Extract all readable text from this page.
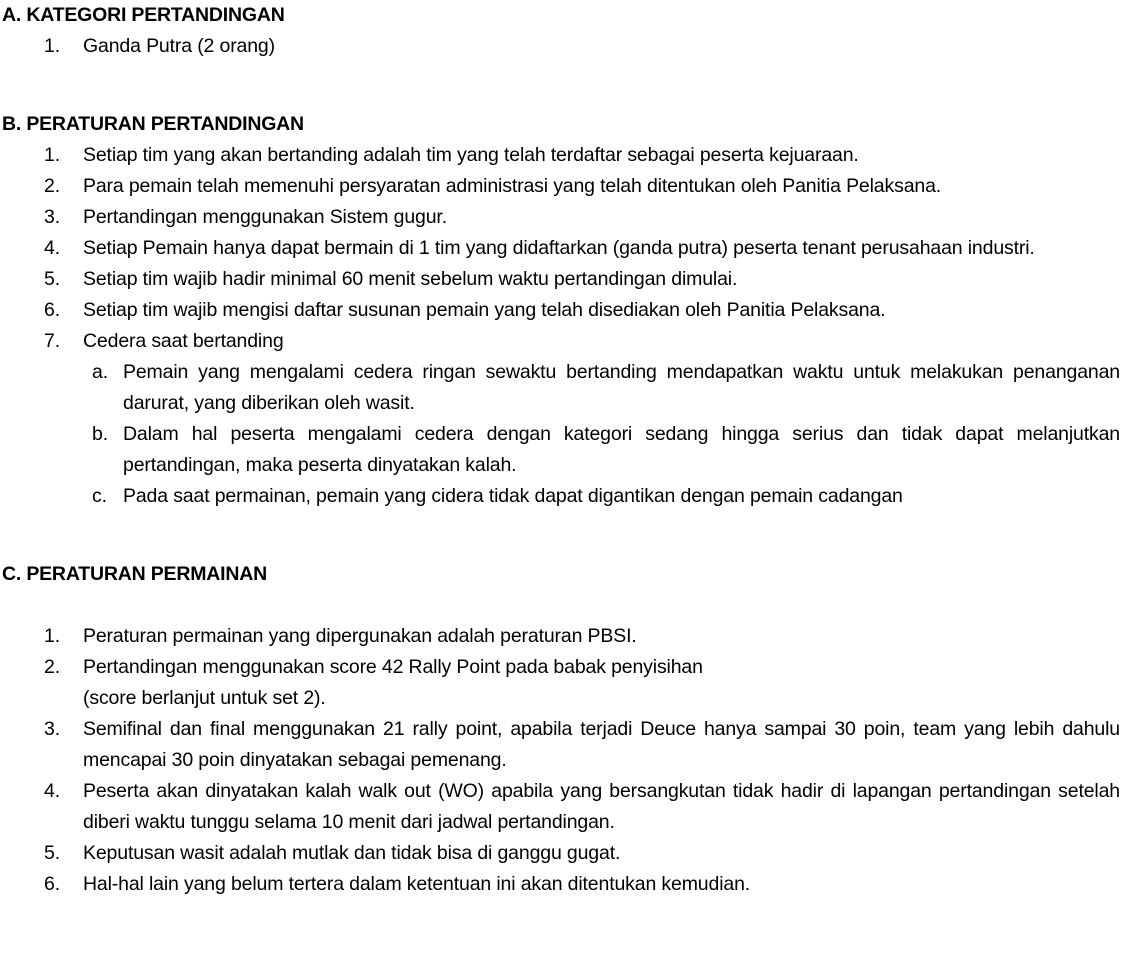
A. KATEGORI PERTANDINGAN
1.	Ganda Putra (2 orang)
B. PERATURAN PERTANDINGAN
1.	Setiap tim yang akan bertanding adalah tim yang telah terdaftar sebagai peserta kejuaraan.
2.	Para pemain telah memenuhi persyaratan administrasi yang telah ditentukan oleh Panitia Pelaksana.
3.	Pertandingan menggunakan Sistem gugur.
4.	Setiap Pemain hanya dapat bermain di 1 tim yang didaftarkan (ganda putra) peserta tenant perusahaan industri.
5.	Setiap tim wajib hadir minimal 60 menit sebelum waktu pertandingan dimulai.
6.	Setiap tim wajib mengisi daftar susunan pemain yang telah disediakan oleh Panitia Pelaksana.
7.	Cedera saat bertanding
a. Pemain yang mengalami cedera ringan sewaktu bertanding mendapatkan waktu untuk melakukan penanganan darurat, yang diberikan oleh wasit.
b. Dalam hal peserta mengalami cedera dengan kategori sedang hingga serius dan tidak dapat melanjutkan pertandingan, maka peserta dinyatakan kalah.
c. Pada saat permainan, pemain yang cidera tidak dapat digantikan dengan pemain cadangan
C. PERATURAN PERMAINAN
1.	Peraturan permainan yang dipergunakan adalah peraturan PBSI.
2.	Pertandingan menggunakan score 42 Rally Point pada babak penyisihan
(score berlanjut untuk set 2).
3.	Semifinal dan final menggunakan 21 rally point, apabila terjadi Deuce hanya sampai 30 poin, team yang lebih dahulu mencapai 30 poin dinyatakan sebagai pemenang.
4.	Peserta akan dinyatakan kalah walk out (WO) apabila yang bersangkutan tidak hadir di lapangan pertandingan setelah diberi waktu tunggu selama 10 menit dari jadwal pertandingan.
5.	Keputusan wasit adalah mutlak dan tidak bisa di ganggu gugat.
6.	Hal-hal lain yang belum tertera dalam ketentuan ini akan ditentukan kemudian.
